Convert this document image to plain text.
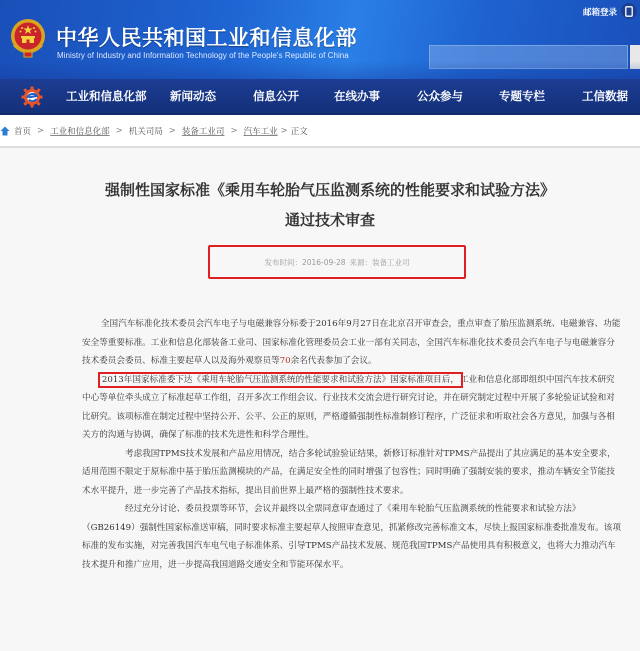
中华人民共和国工业和信息化部
Ministry of Industry and Information Technology of the People's Republic of China
邮箱登录
工业和信息化部 新闻动态	信息公开	在线办事	公众参与	专题专栏	工信数据
首页 > 工业和信息化部 > 机关司局 > 装备工业司 > 汽车工业 > 正文
强制性国家标准《乘用车轮胎气压监测系统的性能要求和试验方法》
通过技术审查
发布时间： 2016-09-28 来源： 装备工业司

全国汽车标准化技术委员会汽车电子与电磁兼容分标委于2016年9月27日在北京召开审查会，重点审查了胎压监测系统、电磁兼容、功能安全等重要标准。工业和信息化部装备工业司、国家标准化管理委员会工业一部有关同志，全国汽车标准化技术委员会汽车电子与电磁兼容分技术委员会委员、标准主要起草人以及海外观察员等70余名代表参加了会议。

2013年国家标准委下达《乘用车轮胎气压监测系统的性能要求和试验方法》国家标准项目后，工业和信息化部即组织中国汽车技术研究中心等单位牵头成立了标准起草工作组，召开多次工作组会议、行业技术交流会进行研究讨论，并在研究制定过程中开展了多轮验证试验和对比研究。该项标准在制定过程中坚持公开、公平、公正的原则，严格遵循强制性标准制修订程序，广泛征求和听取社会各方意见，加强与各相关方的沟通与协调，确保了标准的技术先进性和科学合理性。

考虑我国TPMS技术发展和产品应用情况，结合多轮试验验证结果，新修订标准针对TPMS产品提出了其应满足的基本安全要求，适用范围不限定于原标准中基于胎压监测模块的产品，在满足安全性的同时增强了包容性；同时明确了强制安装的要求，推动车辆安全节能技术水平提升，进一步完善了产品技术指标，提出目前世界上最严格的强制性技术要求。

经过充分讨论、委员投票等环节，会议并最终以全票同意审查通过了《乘用车轮胎气压监测系统的性能要求和试验方法》（GB26149）强制性国家标准送审稿，同时要求标准主要起草人按照审查意见，抓紧修改完善标准文本，尽快上报国家标准委批准发布。该项标准的发布实施，对完善我国汽车电气电子标准体系、引导TPMS产品技术发展、规范我国TPMS产品使用具有积极意义，也将大力推动汽车技术提升和推广应用，进一步提高我国道路交通安全和节能环保水平。
